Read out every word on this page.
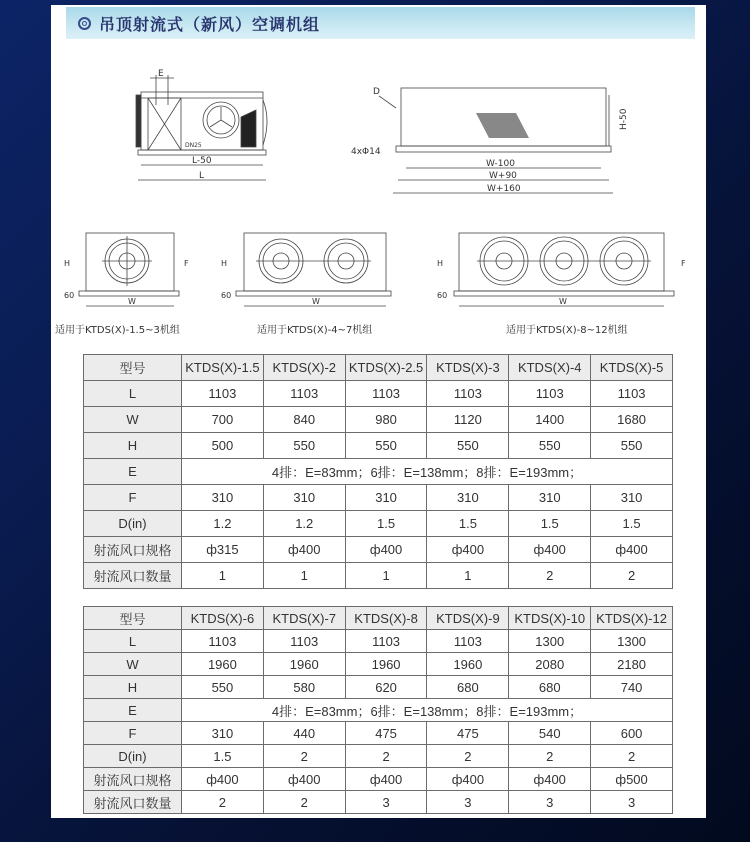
吊顶射流式（新风）空调机组
E
DN25
L-50
L
D
4xΦ14
H-50
W-100
W+90
W+160
W
H
60
F
适用于KTDS(X)-1.5~3机组
W
H
60
适用于KTDS(X)-4~7机组
W
H
60
F
适用于KTDS(X)-8~12机组
型号	KTDS(X)-1.5	KTDS(X)-2	KTDS(X)-2.5	KTDS(X)-3	KTDS(X)-4	KTDS(X)-5
L	1103	1103	1103	1103	1103	1103
W	700	840	980	1120	1400	1680
H	500	550	550	550	550	550
E	4排：E=83mm；6排：E=138mm；8排：E=193mm；					
F	310	310	310	310	310	310
D(in)	1.2	1.2	1.5	1.5	1.5	1.5
射流风口规格	ф315	ф400	ф400	ф400	ф400	ф400
射流风口数量	1	1	1	1	2	2
型号	KTDS(X)-6	KTDS(X)-7	KTDS(X)-8	KTDS(X)-9	KTDS(X)-10	KTDS(X)-12
L	1103	1103	1103	1103	1300	1300
W	1960	1960	1960	1960	2080	2180
H	550	580	620	680	680	740
E	4排：E=83mm；6排：E=138mm；8排：E=193mm；					
F	310	440	475	475	540	600
D(in)	1.5	2	2	2	2	2
射流风口规格	ф400	ф400	ф400	ф400	ф400	ф500
射流风口数量	2	2	3	3	3	3
